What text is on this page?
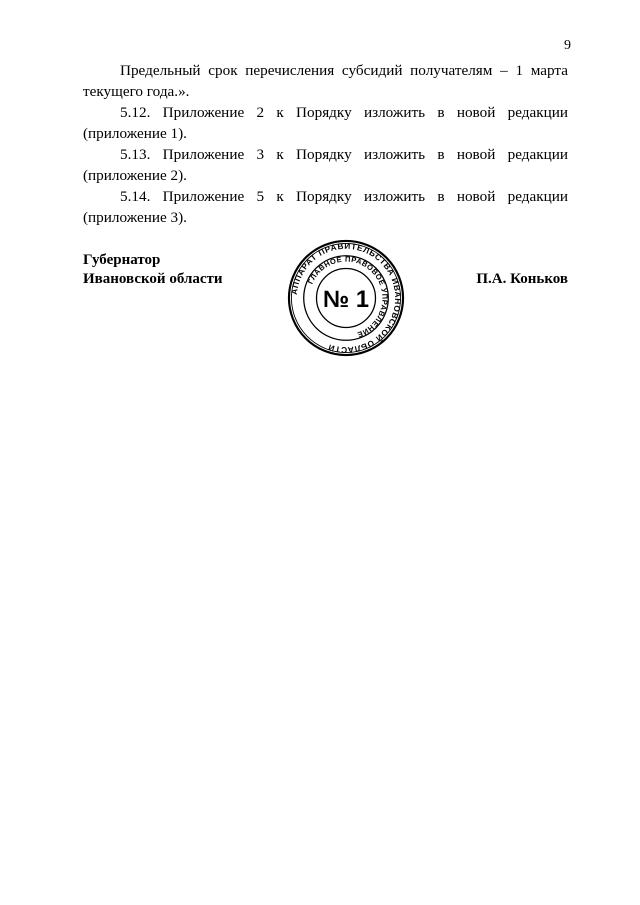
9

Предельный срок перечисления субсидий получателям – 1 марта текущего года.».

5.12. Приложение 2 к Порядку изложить в новой редакции (приложение 1).

5.13. Приложение 3 к Порядку изложить в новой редакции (приложение 2).

5.14. Приложение 5 к Порядку изложить в новой редакции (приложение 3).

Губернатор
Ивановской области
АППАРАТ ПРАВИТЕЛЬСТВА ИВАНОВСКОЙ ОБЛАСТИ
ГЛАВНОЕ ПРАВОВОЕ УПРАВЛЕНИЕ
№ 1
П.А. Коньков
